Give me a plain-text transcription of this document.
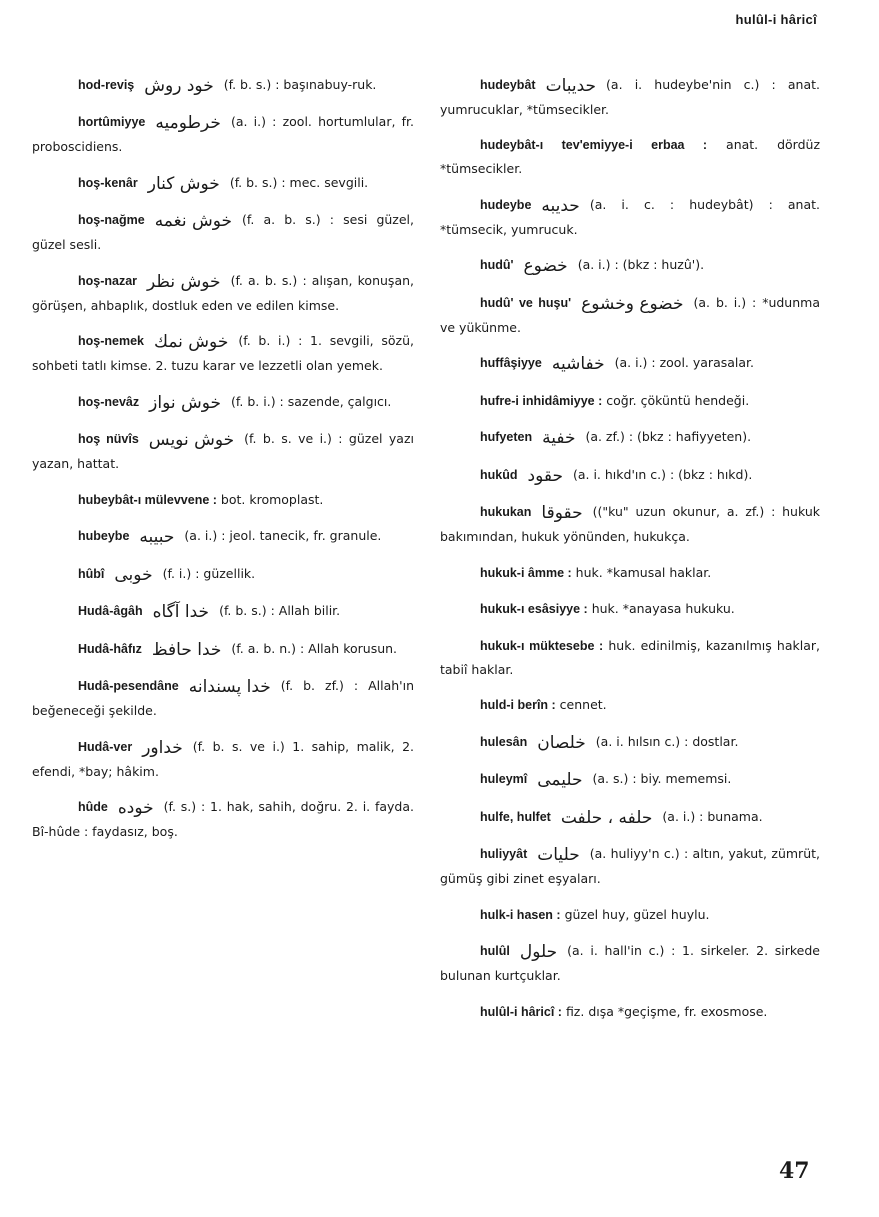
hulûl-i hâricî

hod-reviş خود روش (f. b. s.) : başınabuy-ruk.

hortûmiyye خرطوميه (a. i.) : zool. hortumlular, fr. proboscidiens.

hoş-kenâr خوش كنار (f. b. s.) : mec. sevgili.

hoş-nağme خوش نغمه (f. a. b. s.) : sesi güzel, güzel sesli.

hoş-nazar خوش نظر (f. a. b. s.) : alışan, konuşan, görüşen, ahbaplık, dostluk eden ve edilen kimse.

hoş-nemek خوش نمك (f. b. i.) : 1. sevgili, sözü, sohbeti tatlı kimse. 2. tuzu karar ve lezzetli olan yemek.

hoş-nevâz خوش نواز (f. b. i.) : sazende, çalgıcı.

hoş nüvîs خوش نويس (f. b. s. ve i.) : güzel yazı yazan, hattat.

hubeybât-ı mülevvene : bot. kromoplast.

hubeybe حبيبه (a. i.) : jeol. tanecik, fr. granule.

hûbî خوبى (f. i.) : güzellik.

Hudâ-âgâh خدا آگاه (f. b. s.) : Allah bilir.

Hudâ-hâfız خدا حافظ (f. a. b. n.) : Allah korusun.

Hudâ-pesendâne خدا پسندانه (f. b. zf.) : Allah'ın beğeneceği şekilde.

Hudâ-ver خداور (f. b. s. ve i.) 1. sahip, malik, 2. efendi, *bay; hâkim.

hûde خوده (f. s.) : 1. hak, sahih, doğru. 2. i. fayda. Bî-hûde : faydasız, boş.

hudeybât حديبات (a. i. hudeybe'nin c.) : anat. yumrucuklar, *tümsecikler.

hudeybât-ı tev'emiyye-i erbaa : anat. dördüz *tümsecikler.

hudeybe حديبه (a. i. c. : hudeybât) : anat. *tümsecik, yumrucuk.

hudû' خضوع (a. i.) : (bkz : huzû').

hudû' ve huşu' خضوع وخشوع (a. b. i.) : *udunma ve yükünme.

huffâşiyye خفاشيه (a. i.) : zool. yarasalar.

hufre-i inhidâmiyye : coğr. çöküntü hendeği.

hufyeten خفية (a. zf.) : (bkz : hafiyyeten).

hukûd حقود (a. i. hıkd'ın c.) : (bkz : hıkd).

hukukan حقوقا (("ku" uzun okunur, a. zf.) : hukuk bakımından, hukuk yönünden, hukukça.

hukuk-i âmme : huk. *kamusal haklar.

hukuk-ı esâsiyye : huk. *anayasa hukuku.

hukuk-ı müktesebe : huk. edinilmiş, kazanılmış haklar, tabiî haklar.

huld-i berîn : cennet.

hulesân خلصان (a. i. hılsın c.) : dostlar.

huleymî حليمى (a. s.) : biy. mememsi.

hulfe, hulfet حلفه ، حلفت (a. i.) : bunama.

huliyyât حليات (a. huliyy'n c.) : altın, yakut, zümrüt, gümüş gibi zinet eşyaları.

hulk-i hasen : güzel huy, güzel huylu.

hulûl حلول (a. i. hall'in c.) : 1. sirkeler. 2. sirkede bulunan kurtçuklar.

hulûl-i hâricî : fiz. dışa *geçişme, fr. exosmose.

47
